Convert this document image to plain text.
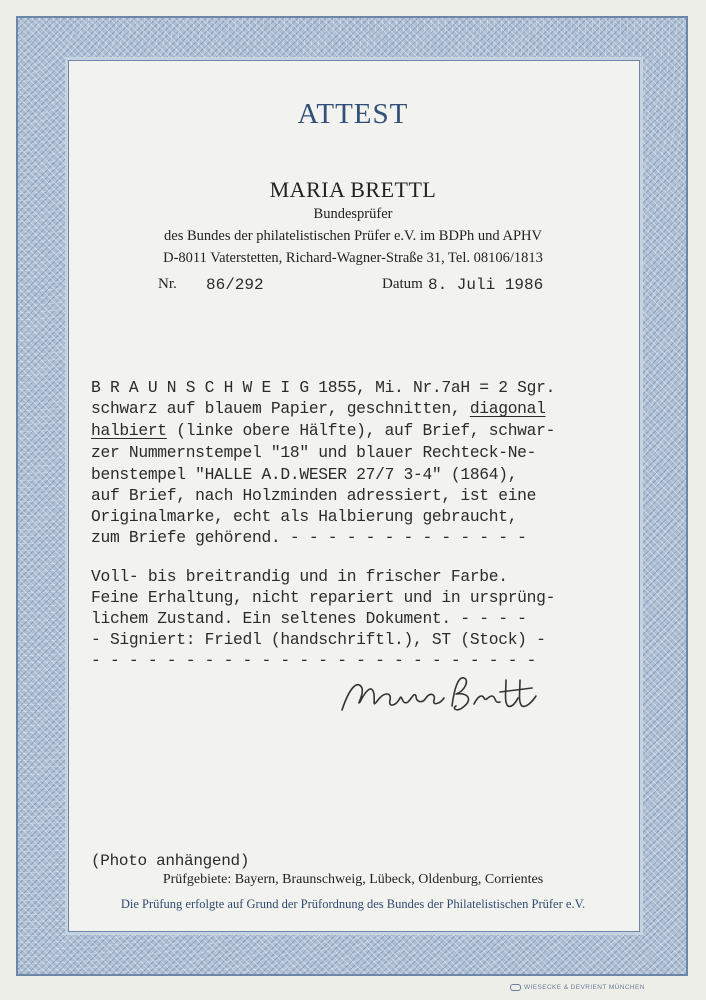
ATTEST
MARIA BRETTL
Bundesprüfer
des Bundes der philatelistischen Prüfer e.V. im BDPh und APHV
D-8011 Vaterstetten, Richard-Wagner-Straße 31, Tel. 08106/1813
Nr. 86/292	Datum 8. Juli 1986
B R A U N S C H W E I G 1855, Mi. Nr.7aH = 2 Sgr.
schwarz auf blauem Papier, geschnitten, diagonal
halbiert (linke obere Hälfte), auf Brief, schwar-
zer Nummernstempel "18" und blauer Rechteck-Ne-
benstempel "HALLE A.D.WESER 27/7 3-4" (1864),
auf Brief, nach Holzminden adressiert, ist eine
Originalmarke, echt als Halbierung gebraucht,
zum Briefe gehörend. - - - - - - - - - - - - -
Voll- bis breitrandig und in frischer Farbe.
Feine Erhaltung, nicht repariert und in ursprüng-
lichem Zustand. Ein seltenes Dokument. - - - -
- Signiert: Friedl (handschriftl.), ST (Stock) -
- - - - - - - - - - - - - - - - - - - - - - - -
(Photo anhängend)
Prüfgebiete: Bayern, Braunschweig, Lübeck, Oldenburg, Corrientes
Die Prüfung erfolgte auf Grund der Prüfordnung des Bundes der Philatelistischen Prüfer e.V.
WIESECKE & DEVRIENT MÜNCHEN
